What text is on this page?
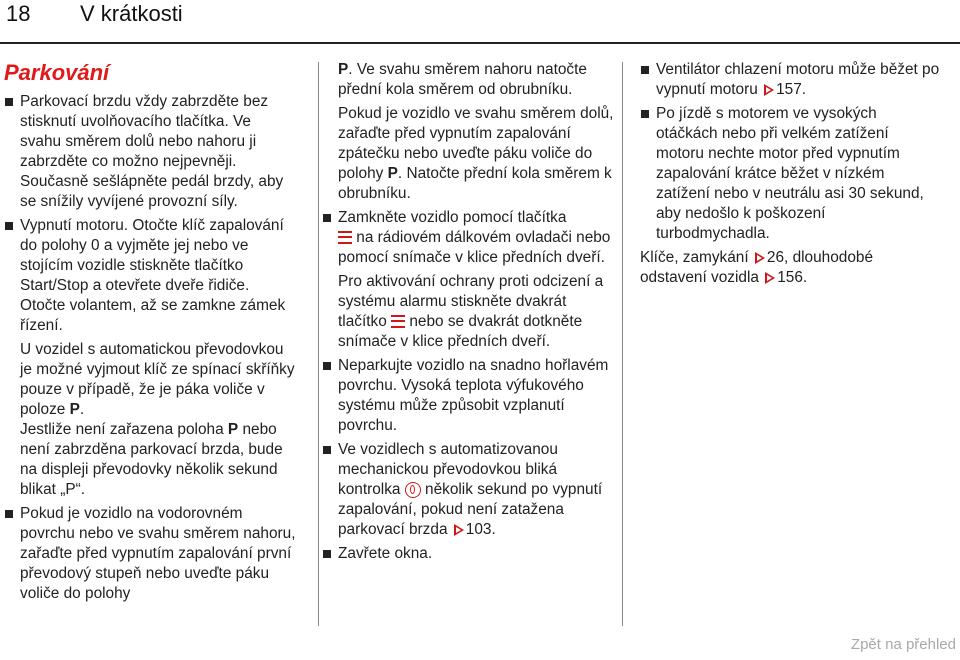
18 V krátkosti
Parkování
Parkovací brzdu vždy zabrzděte bez stisknutí uvolňovacího tlačítka. Ve svahu směrem dolů nebo nahoru ji zabrzděte co možno nejpevněji. Současně sešlápněte pedál brzdy, aby se snížily vyvíjené provozní síly.
Vypnutí motoru. Otočte klíč zapalování do polohy 0 a vyjměte jej nebo ve stojícím vozidle stiskněte tlačítko Start/Stop a otevřete dveře řidiče. Otočte volantem, až se zamkne zámek řízení.

U vozidel s automatickou převodovkou je možné vyjmout klíč ze spínací skříňky pouze v případě, že je páka voliče v poloze P.

Jestliže není zařazena poloha P nebo není zabrzděna parkovací brzda, bude na displeji převodovky několik sekund blikat „P“.

Pokud je vozidlo na vodorovném povrchu nebo ve svahu směrem nahoru, zařaďte před vypnutím zapalování první převodový stupeň nebo uveďte páku voliče do polohy

P. Ve svahu směrem nahoru natočte přední kola směrem od obrubníku.

Pokud je vozidlo ve svahu směrem dolů, zařaďte před vypnutím zapalování zpátečku nebo uveďte páku voliče do polohy P. Natočte přední kola směrem k obrubníku.

Zamkněte vozidlo pomocí tlačítka
na rádiovém dálkovém ovladači nebo pomocí snímače v klice předních dveří.

Pro aktivování ochrany proti odcizení a systému alarmu stiskněte dvakrát tlačítko  nebo se dvakrát dotkněte snímače v klice předních dveří.

Neparkujte vozidlo na snadno hořlavém povrchu. Vysoká teplota výfukového systému může způsobit vzplanutí povrchu.
Ve vozidlech s automatizovanou mechanickou převodovkou bliká kontrolka  několik sekund po vypnutí zapalování, pokud není zatažena parkovací brzda 103.
Zavřete okna.
Ventilátor chlazení motoru může běžet po vypnutí motoru 157.
Po jízdě s motorem ve vysokých otáčkách nebo při velkém zatížení motoru nechte motor před vypnutím zapalování krátce běžet v nízkém zatížení nebo v neutrálu asi 30 sekund, aby nedošlo k poškození turbodmychadla.

Klíče, zamykání 26, dlouhodobé odstavení vozidla 156.

Zpět na přehled
